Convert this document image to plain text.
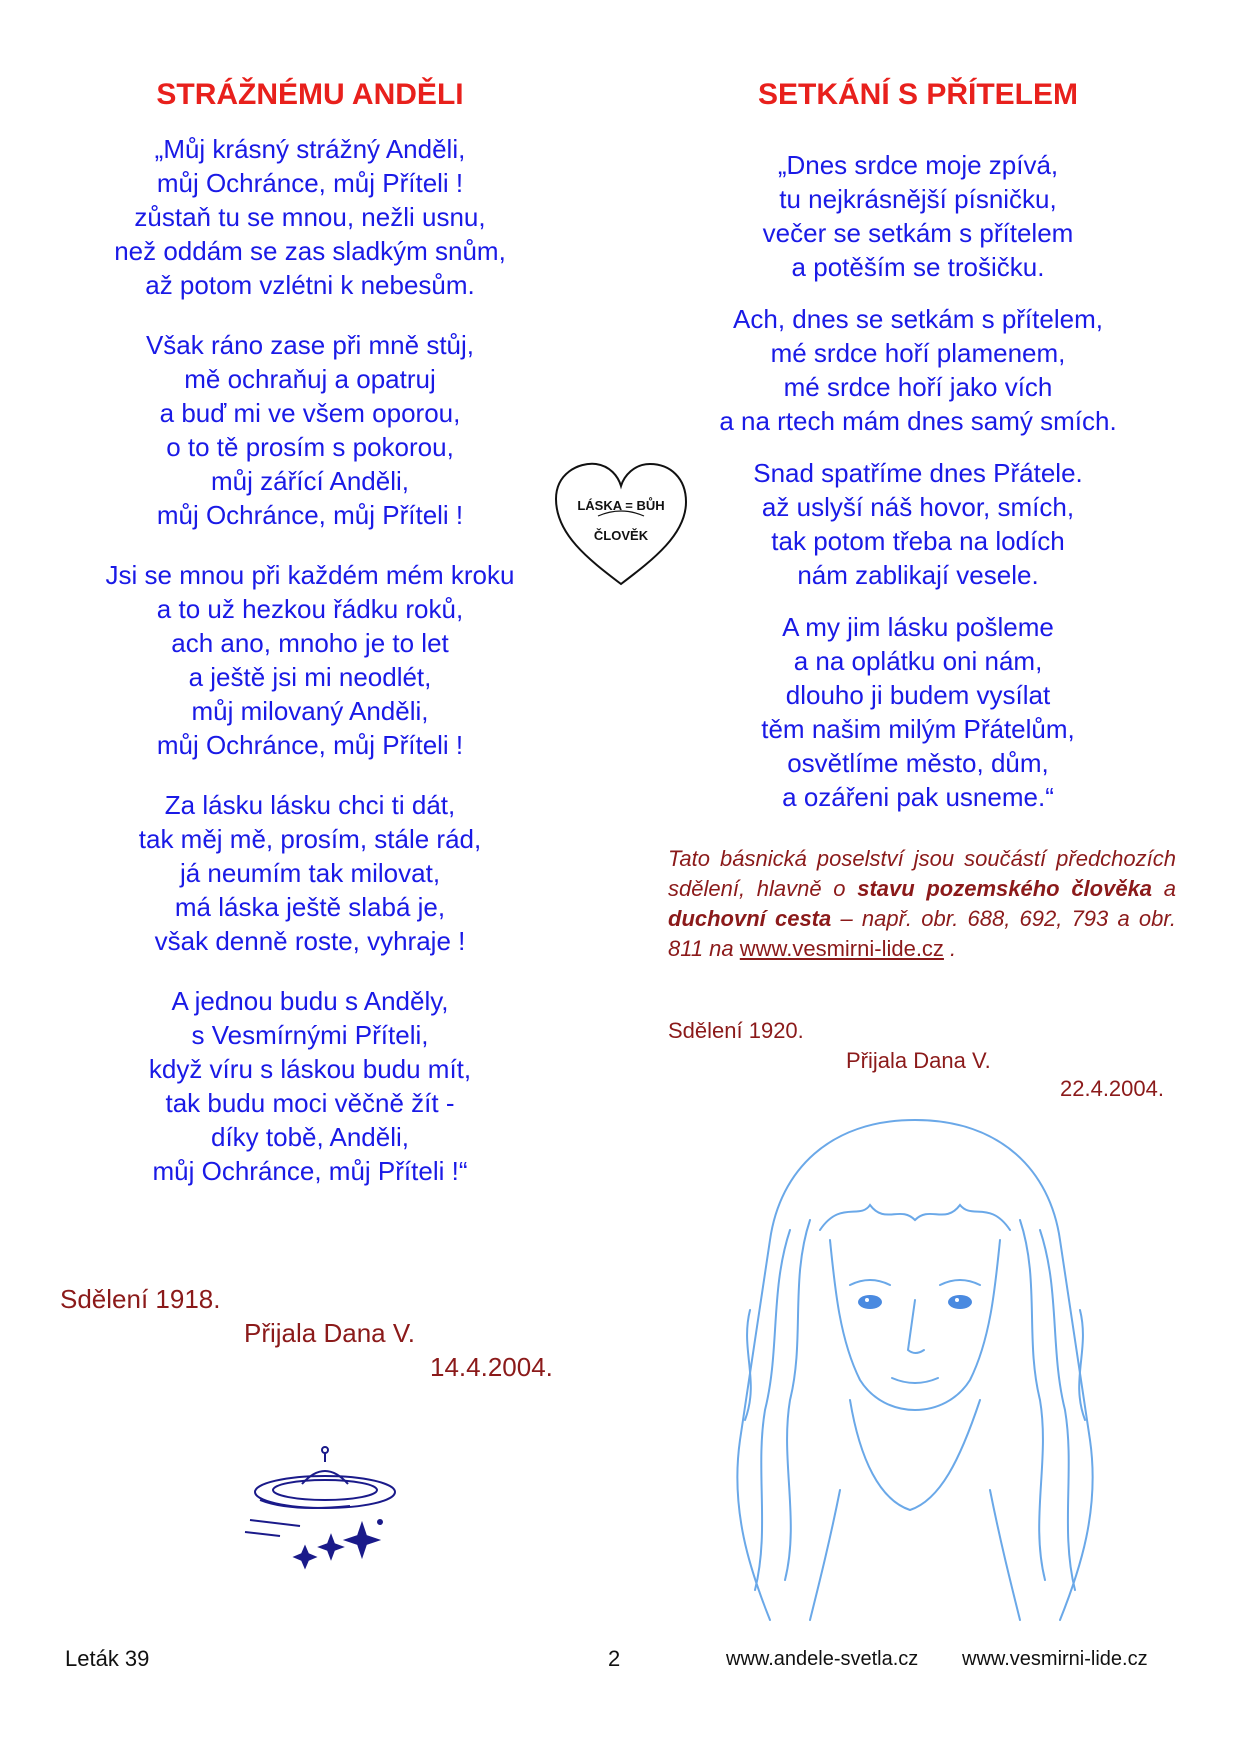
STRÁŽNÉMU ANDĚLI
„Můj krásný strážný Anděli,
můj Ochránce, můj Příteli !
zůstaň tu se mnou, nežli usnu,
než oddám se zas sladkým snům,
až potom vzlétni k nebesům.
Však ráno zase při mně stůj,
mě ochraňuj a opatruj
a buď mi ve všem oporou,
o to tě prosím s pokorou,
můj zářící Anděli,
můj Ochránce, můj Příteli !
Jsi se mnou při každém mém kroku
a to už hezkou řádku roků,
ach ano, mnoho je to let
a ještě jsi mi neodlét,
můj milovaný Anděli,
můj Ochránce, můj Příteli !
Za lásku lásku chci ti dát,
tak měj mě, prosím, stále rád,
já neumím tak milovat,
má láska ještě slabá je,
však denně roste, vyhraje !
A jednou budu s Anděly,
s Vesmírnými Příteli,
když víru s láskou budu mít,
tak budu moci věčně žít -
díky tobě, Anděli,
můj Ochránce, můj Příteli !“
Sdělení 1918.
Přijala Dana V.
14.4.2004.
LÁSKA = BŮH
ČLOVĚK
SETKÁNÍ S PŘÍTELEM
„Dnes srdce moje zpívá,
tu nejkrásnější písničku,
večer se setkám s přítelem
a potěším se trošičku.
Ach, dnes se setkám s přítelem,
mé srdce hoří plamenem,
mé srdce hoří jako vích
a na rtech mám dnes samý smích.
Snad spatříme dnes Přátele.
až uslyší náš hovor, smích,
tak potom třeba na lodích
nám zablikají vesele.
A my jim lásku pošleme
a na oplátku oni nám,
dlouho ji budem vysílat
těm našim milým Přátelům,
osvětlíme město, dům,
a ozářeni pak usneme.“
Tato básnická poselství jsou součástí předchozích sdělení, hlavně o stavu pozemského člověka a duchovní cesta – např. obr. 688, 692, 793 a obr. 811 na www.vesmirni-lide.cz .
Sdělení 1920.
Přijala Dana V.
22.4.2004.
Leták 39	2	www.andele-svetla.cz www.vesmirni-lide.cz
